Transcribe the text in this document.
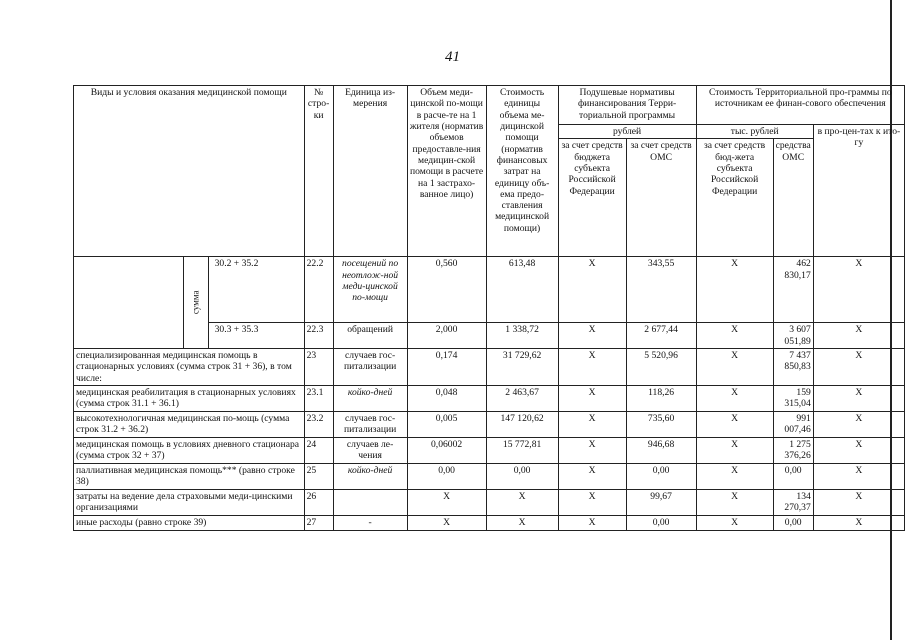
41
Виды и условия оказания медицинской помощи			№ стро-ки	Единица из-мерения	Объем меди-цинской по-мощи в расче-те на 1 жителя (норматив объемов предоставле-ния медицин-ской помощи в расчете на 1 застрахо-ванное лицо)	Стоимость единицы объема ме-дицинской помощи (норматив финансовых затрат на единицу объ-ема предо-ставления медицинской помощи)	Подушевые нормативы финансирования Терри-ториальной программы		Стоимость Территориальной про-граммы по источникам ее финан-сового обеспечения		
							рублей		тыс. рублей		в про-цен-тах к ито-гу
							за счет средств бюджета субъекта Российской Федерации	за счет средств ОМС	за счет средств бюд-жета субъекта Российской Федерации	средства ОМС	
	сумма	30.2 + 35.2	22.2	посещений по неотлож-ной меди-цинской по-мощи	0,560	613,48	Х	343,55	Х	462 830,17	Х
		30.3 + 35.3	22.3	обращений	2,000	1 338,72	Х	2 677,44	Х	3 607 051,89	Х
специализированная медицинская помощь в стационарных условиях (сумма строк 31 + 36), в том числе:			23	случаев гос-питализации	0,174	31 729,62	Х	5 520,96	Х	7 437 850,83	Х
медицинская реабилитация в стационарных условиях (сумма строк 31.1 + 36.1)			23.1	койко-дней	0,048	2 463,67	Х	118,26	Х	159 315,04	Х
высокотехнологичная медицинская по-мощь (сумма строк 31.2 + 36.2)			23.2	случаев гос-питализации	0,005	147 120,62	Х	735,60	Х	991 007,46	Х
медицинская помощь в условиях дневного стационара (сумма строк 32 + 37)			24	случаев ле-чения	0,06002	15 772,81	Х	946,68	Х	1 275 376,26	Х
паллиативная медицинская помощь*** (равно строке 38)			25	койко-дней	0,00	0,00	Х	0,00	Х	0,00	Х
затраты на ведение дела страховыми меди-цинскими организациями			26		Х	Х	Х	99,67	Х	134 270,37	Х
иные расходы (равно строке 39)			27	-	Х	Х	Х	0,00	Х	0,00	Х
